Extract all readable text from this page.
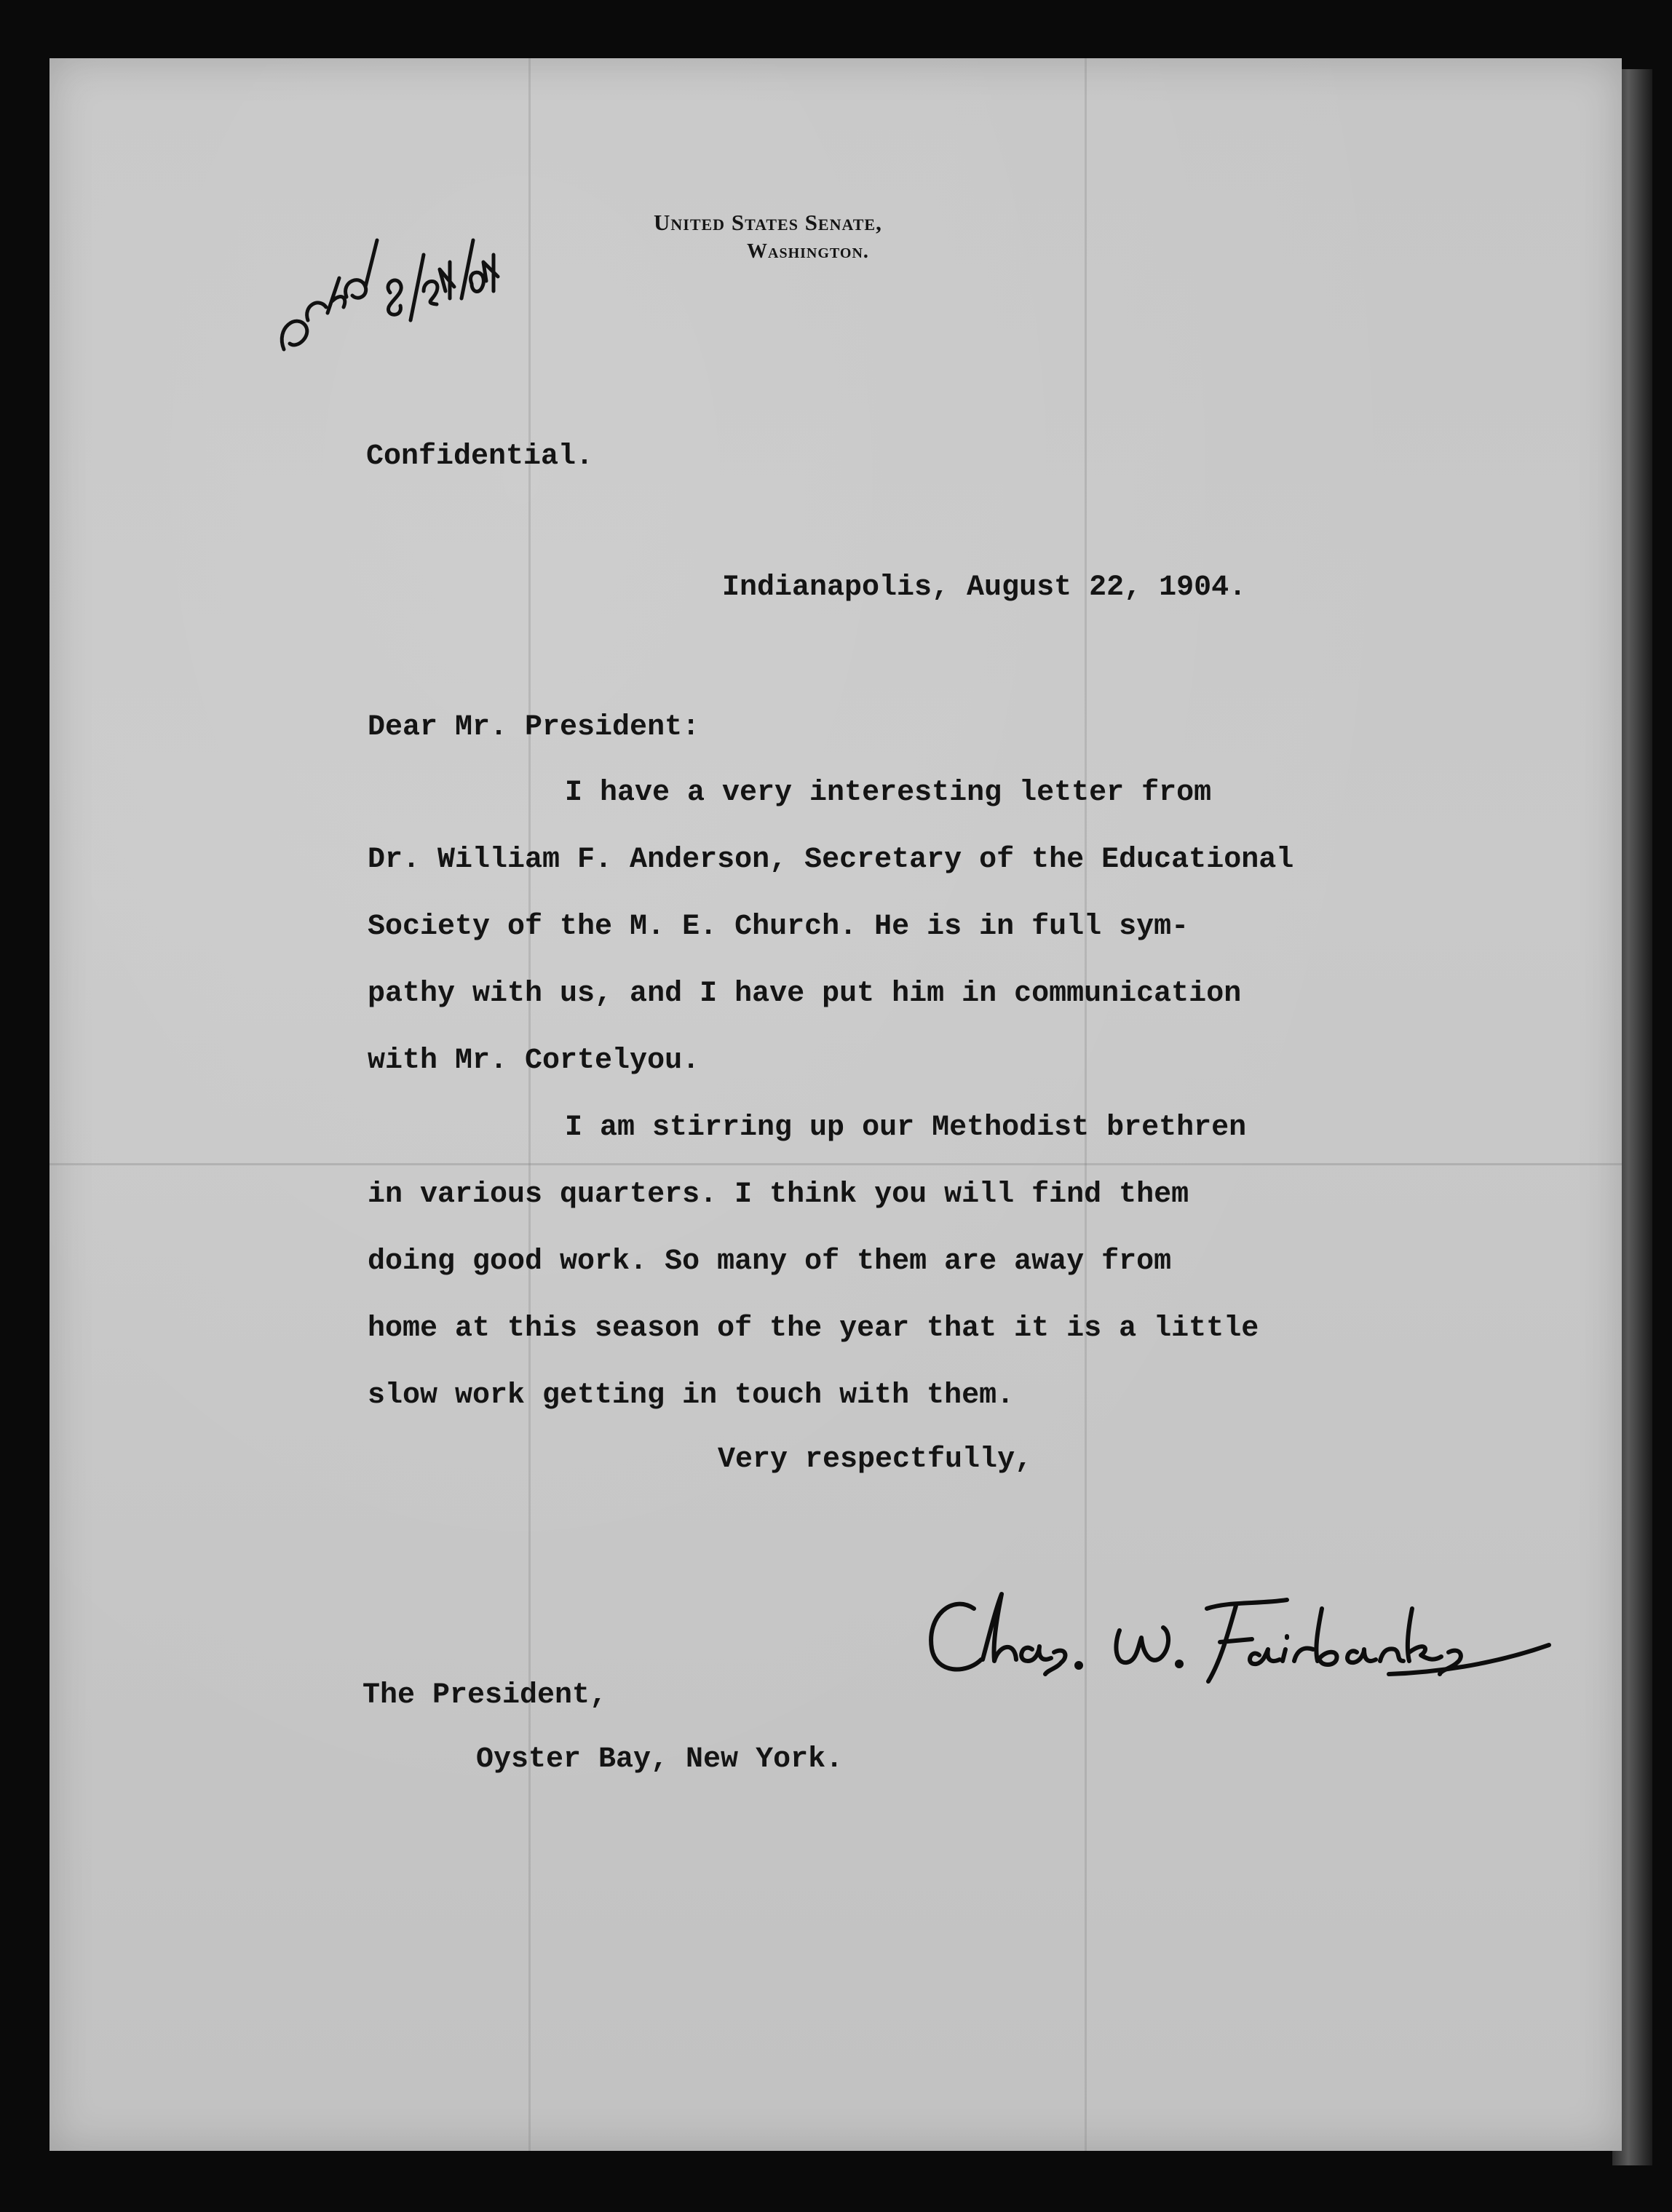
United States Senate,
Washington.
Confidential.
Indianapolis, August 22, 1904.
Dear Mr. President:
I have a very interesting letter from
Dr. William F. Anderson, Secretary of the Educational
Society of the M. E. Church. He is in full sym-
pathy with us, and I have put him in communication
with Mr. Cortelyou.
I am stirring up our Methodist brethren
in various quarters. I think you will find them
doing good work. So many of them are away from
home at this season of the year that it is a little
slow work getting in touch with them.
Very respectfully,
The President,
Oyster Bay, New York.
